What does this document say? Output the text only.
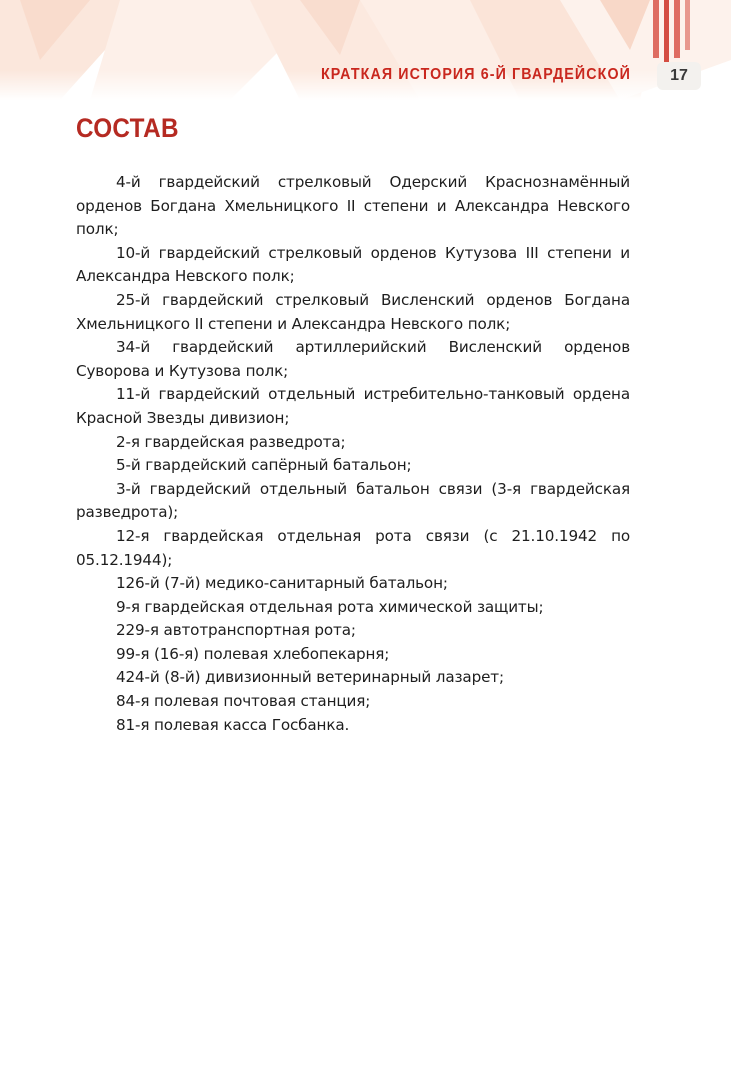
КРАТКАЯ ИСТОРИЯ 6-Й ГВАРДЕЙСКОЙ	17
СОСТАВ

4-й гвардейский стрелковый Одерский Краснознамённый орденов Богдана Хмельницкого II степени и Александра Невского полк;

10-й гвардейский стрелковый орденов Кутузова III степени и Александра Невского полк;

25-й гвардейский стрелковый Висленский орденов Богдана Хмельницкого II степени и Александра Невского полк;

34-й гвардейский артиллерийский Висленский орденов Суворова и Кутузова полк;

11-й гвардейский отдельный истребительно-танковый ордена Красной Звезды дивизион;

2-я гвардейская разведрота;

5-й гвардейский сапёрный батальон;

3-й гвардейский отдельный батальон связи (3-я гвардейская разведрота);

12-я гвардейская отдельная рота связи (с 21.10.1942 по 05.12.1944);

126-й (7-й) медико-санитарный батальон;

9-я гвардейская отдельная рота химической защиты;

229-я автотранспортная рота;

99-я (16-я) полевая хлебопекарня;

424-й (8-й) дивизионный ветеринарный лазарет;

84-я полевая почтовая станция;

81-я полевая касса Госбанка.
